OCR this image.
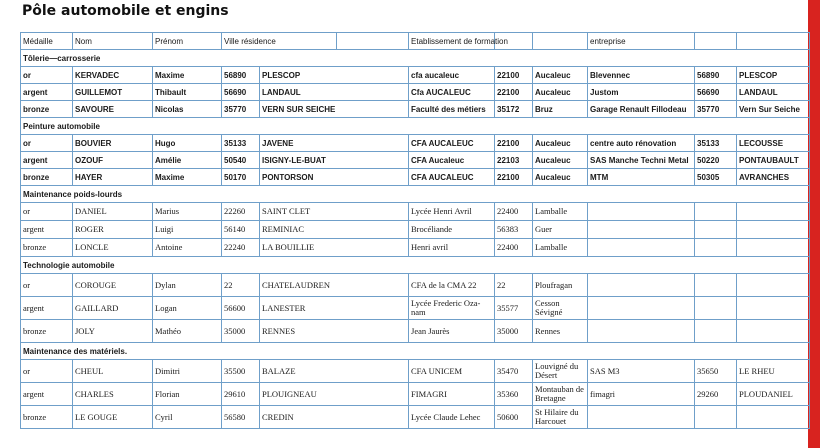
Pôle automobile et engins
Médaille	Nom	Prénom	Ville résidence			Etablissement de formation			entreprise		
Tôlerie—carrosserie											
or	KERVADEC	Maxime	56890	PLESCOP		cfa aucaleuc	22100	Aucaleuc	Blevennec	56890	PLESCOP
argent	GUILLEMOT	Thibault	56690	LANDAUL		Cfa AUCALEUC	22100	Aucaleuc	Justom	56690	LANDAUL
bronze	SAVOURE	Nicolas	35770	VERN SUR SEICHE		Faculté des métiers	35172	Bruz	Garage Renault Fillodeau	35770	Vern Sur Seiche
Peinture automobile											
or	BOUVIER	Hugo	35133	JAVENE		CFA AUCALEUC	22100	Aucaleuc	centre auto rénovation	35133	LECOUSSE
argent	OZOUF	Amélie	50540	ISIGNY-LE-BUAT		CFA Aucaleuc	22103	Aucaleuc	SAS Manche Techni Metal	50220	PONTAUBAULT
bronze	HAYER	Maxime	50170	PONTORSON		CFA AUCALEUC	22100	Aucaleuc	MTM	50305	AVRANCHES
Maintenance poids-lourds											
or	DANIEL	Marius	22260	SAINT CLET		Lycée Henri Avril	22400	Lamballe			
argent	ROGER	Luigi	56140	REMINIAC		Brocéliande	56383	Guer			
bronze	LONCLE	Antoine	22240	LA BOUILLIE		Henri avril	22400	Lamballe			
Technologie automobile											
or	COROUGE	Dylan	22	CHATELAUDREN		CFA de la CMA 22	22	Ploufragan			
argent	GAILLARD	Logan	56600	LANESTER		Lycée Frederic Oza-nam	35577	Cesson Sévigné			
bronze	JOLY	Mathéo	35000	RENNES		Jean Jaurès	35000	Rennes			
Maintenance des matériels.											
or	CHEUL	Dimitri	35500	BALAZE		CFA UNICEM	35470	Louvigné du Désert	SAS M3	35650	LE RHEU
argent	CHARLES	Florian	29610	PLOUIGNEAU		FIMAGRI	35360	Montauban de Bretagne	fimagri	29260	PLOUDANIEL
bronze	LE GOUGE	Cyril	56580	CREDIN		Lycée Claude Lehec	50600	St Hilaire du Harcouet			
